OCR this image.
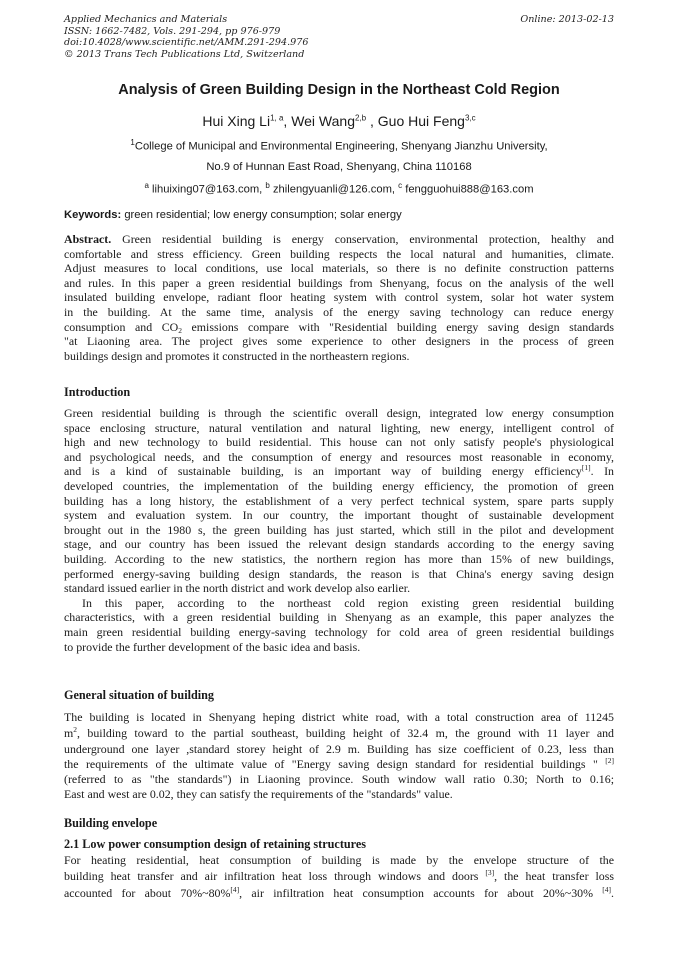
Applied Mechanics and Materials
ISSN: 1662-7482, Vols. 291-294, pp 976-979
doi:10.4028/www.scientific.net/AMM.291-294.976
© 2013 Trans Tech Publications Ltd, Switzerland
Online: 2013-02-13
Analysis of Green Building Design in the Northeast Cold Region
Hui Xing Li$^{1, a}$, Wei Wang$^{2,b}$ , Guo Hui Feng$^{3,c}$
$^1$College of Municipal and Environmental Engineering, Shenyang Jianzhu University,
No.9 of Hunnan East Road, Shenyang, China 110168
$^a$ lihuixing07@163.com, $^b$ zhilengyuanli@126.com, $^c$ fengguohui888@163.com
Keywords: green residential; low energy consumption; solar energy
Abstract. Green residential building is energy conservation, environmental protection, healthy and
comfortable and stress efficiency. Green building respects the local natural and humanities, climate.
Adjust measures to local conditions, use local materials, so there is no definite construction patterns
and rules. In this paper a green residential buildings from Shenyang, focus on the analysis of the well
insulated building envelope, radiant floor heating system with control system, solar hot water system
in the building. At the same time, analysis of the energy saving technology can reduce energy
consumption and $CO_2$ emissions compare with "Residential building energy saving design standards
"at Liaoning area. The project gives some experience to other designers in the process of green
buildings design and promotes it constructed in the northeastern regions.
Introduction
Green residential building is through the scientific overall design, integrated low energy consumption
space enclosing structure, natural ventilation and natural lighting, new energy, intelligent control of
high and new technology to build residential. This house can not only satisfy people's physiological
and psychological needs, and the consumption of energy and resources most reasonable in economy,
and is a kind of sustainable building, is an important way of building energy efficiency[1]. In
developed countries, the implementation of the building energy efficiency, the promotion of green
building has a long history, the establishment of a very perfect technical system, spare parts supply
system and evaluation system. In our country, the important thought of sustainable development
brought out in the 1980 s, the green building has just started, which still in the pilot and development
stage, and our country has been issued the relevant design standards according to the energy saving
building. According to the new statistics, the northern region has more than 15% of new buildings,
performed energy-saving building design standards, the reason is that China's energy saving design
standard issued earlier in the north district and work develop also earlier.
In this paper, according to the northeast cold region existing green residential building
characteristics, with a green residential building in Shenyang as an example, this paper analyzes the
main green residential building energy-saving technology for cold area of green residential buildings
to provide the further development of the basic idea and basis.
General situation of building
The building is located in Shenyang heping district white road, with a total construction area of 11245
$m^2$, building toward to the partial southeast, building height of 32.4 m, the ground with 11 layer and
underground one layer ,standard storey height of 2.9 m. Building has size coefficient of 0.23, less than
the requirements of the ultimate value of "Energy saving design standard for residential buildings " [2]
(referred to as "the standards") in Liaoning province. South window wall ratio 0.30; North to 0.16;
East and west are 0.02, they can satisfy the requirements of the "standards" value.
Building envelope
2.1 Low power consumption design of retaining structures
For heating residential, heat consumption of building is made by the envelope structure of the
building heat transfer and air infiltration heat loss through windows and doors [3], the heat transfer loss
accounted for about 70%~80%[4], air infiltration heat consumption accounts for about 20%~30% [4].
